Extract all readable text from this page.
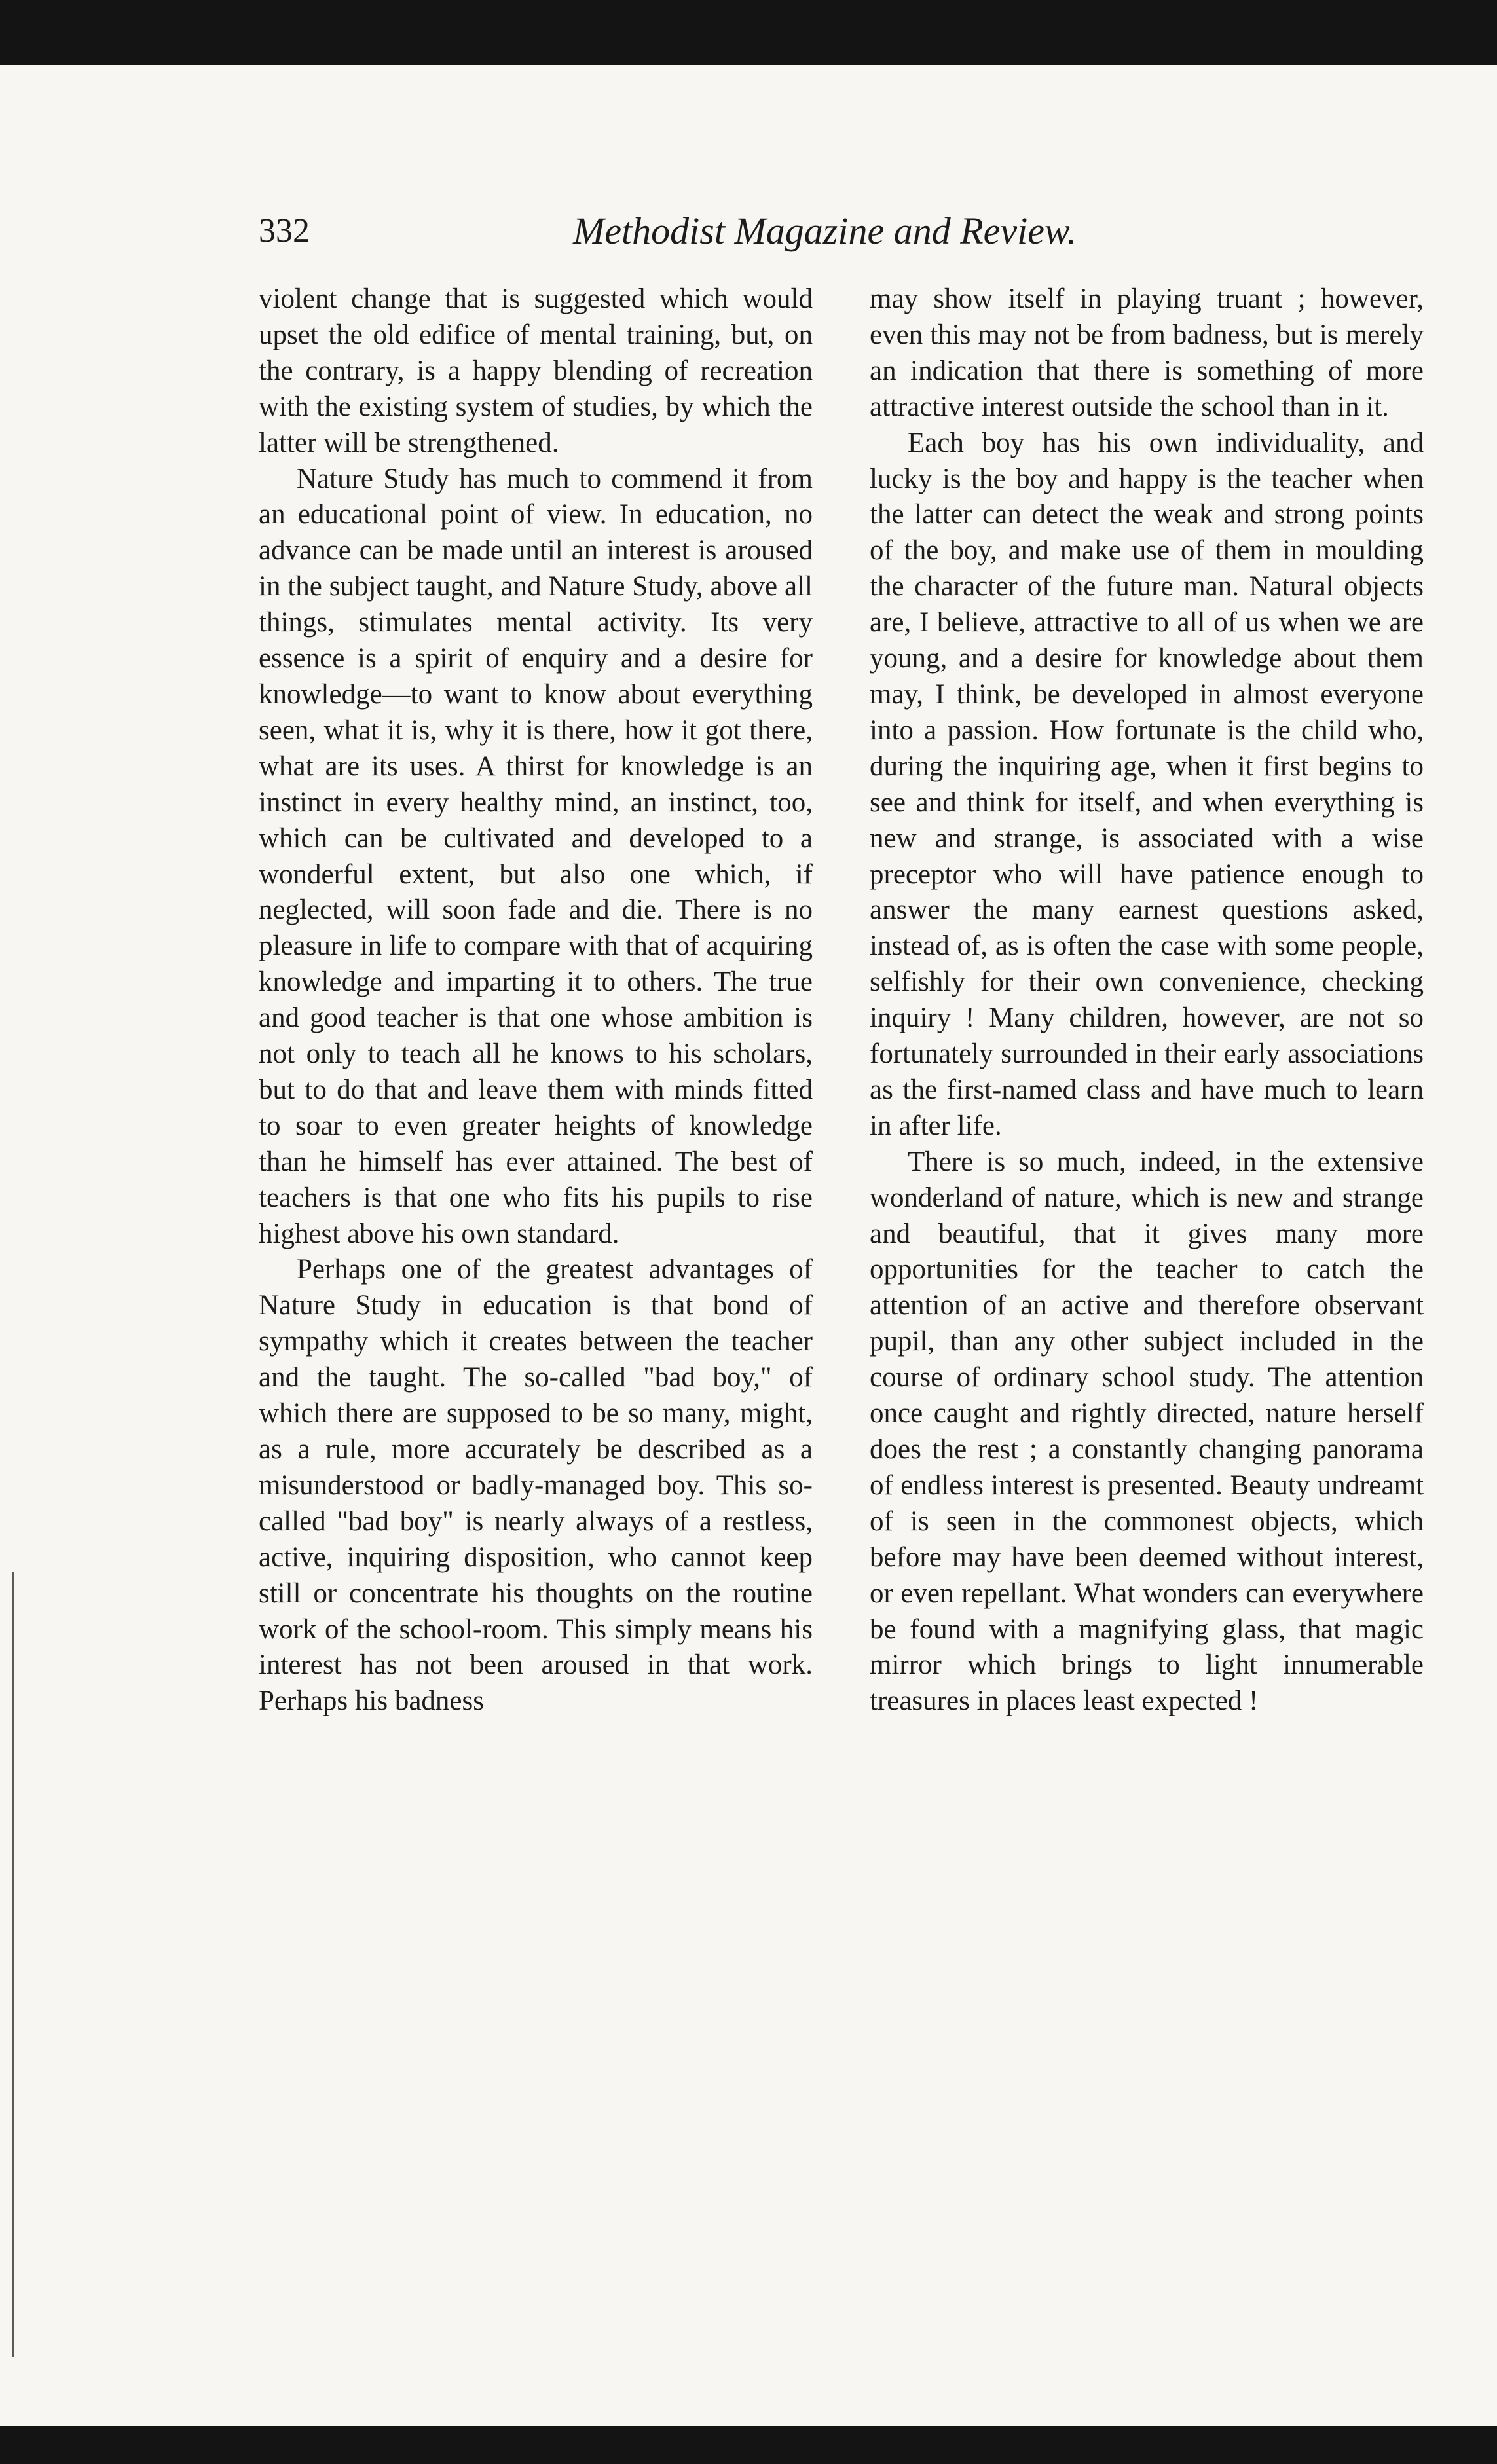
332	Methodist Magazine and Review.

violent change that is suggested which would upset the old edifice of mental training, but, on the contrary, is a happy blending of recreation with the existing system of studies, by which the latter will be strengthened.

Nature Study has much to commend it from an educational point of view. In education, no advance can be made until an interest is aroused in the subject taught, and Nature Study, above all things, stimulates mental activity. Its very essence is a spirit of enquiry and a desire for knowledge—to want to know about everything seen, what it is, why it is there, how it got there, what are its uses. A thirst for knowledge is an instinct in every healthy mind, an instinct, too, which can be cultivated and developed to a wonderful extent, but also one which, if neglected, will soon fade and die. There is no pleasure in life to compare with that of acquiring knowledge and imparting it to others. The true and good teacher is that one whose ambition is not only to teach all he knows to his scholars, but to do that and leave them with minds fitted to soar to even greater heights of knowledge than he himself has ever attained. The best of teachers is that one who fits his pupils to rise highest above his own standard.

Perhaps one of the greatest advantages of Nature Study in education is that bond of sympathy which it creates between the teacher and the taught. The so-called "bad boy," of which there are supposed to be so many, might, as a rule, more accurately be described as a misunderstood or badly-managed boy. This so-called "bad boy" is nearly always of a restless, active, inquiring disposition, who cannot keep still or concentrate his thoughts on the routine work of the school-room. This simply means his interest has not been aroused in that work. Perhaps his badness

may show itself in playing truant ; however, even this may not be from badness, but is merely an indication that there is something of more attractive interest outside the school than in it.

Each boy has his own individuality, and lucky is the boy and happy is the teacher when the latter can detect the weak and strong points of the boy, and make use of them in moulding the character of the future man. Natural objects are, I believe, attractive to all of us when we are young, and a desire for knowledge about them may, I think, be developed in almost everyone into a passion. How fortunate is the child who, during the inquiring age, when it first begins to see and think for itself, and when everything is new and strange, is associated with a wise preceptor who will have patience enough to answer the many earnest questions asked, instead of, as is often the case with some people, selfishly for their own convenience, checking inquiry ! Many children, however, are not so fortunately surrounded in their early associations as the first-named class and have much to learn in after life.

There is so much, indeed, in the extensive wonderland of nature, which is new and strange and beautiful, that it gives many more opportunities for the teacher to catch the attention of an active and therefore observant pupil, than any other subject included in the course of ordinary school study. The attention once caught and rightly directed, nature herself does the rest ; a constantly changing panorama of endless interest is presented. Beauty undreamt of is seen in the commonest objects, which before may have been deemed without interest, or even repellant. What wonders can everywhere be found with a magnifying glass, that magic mirror which brings to light innumerable treasures in places least expected !
